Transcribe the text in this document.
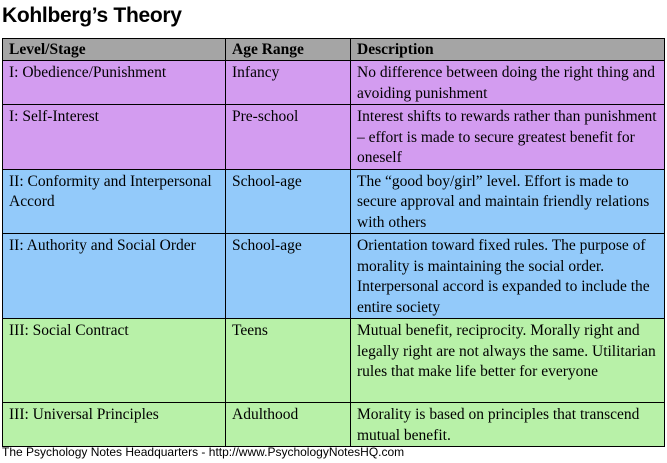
Kohlberg’s Theory
Level/Stage	Age Range	Description
I: Obedience/Punishment	Infancy	No difference between doing the right thing and avoiding punishment
I: Self-Interest	Pre-school	Interest shifts to rewards rather than punishment – effort is made to secure greatest benefit for oneself
II: Conformity and Interpersonal Accord	School-age	The “good boy/girl” level. Effort is made to secure approval and maintain friendly relations with others
II: Authority and Social Order	School-age	Orientation toward fixed rules. The purpose of morality is maintaining the social order. Interpersonal accord is expanded to include the entire society
III: Social Contract	Teens	Mutual benefit, reciprocity. Morally right and legally right are not always the same. Utilitarian rules that make life better for everyone
III: Universal Principles	Adulthood	Morality is based on principles that transcend mutual benefit.
The Psychology Notes Headquarters - http://www.PsychologyNotesHQ.com
